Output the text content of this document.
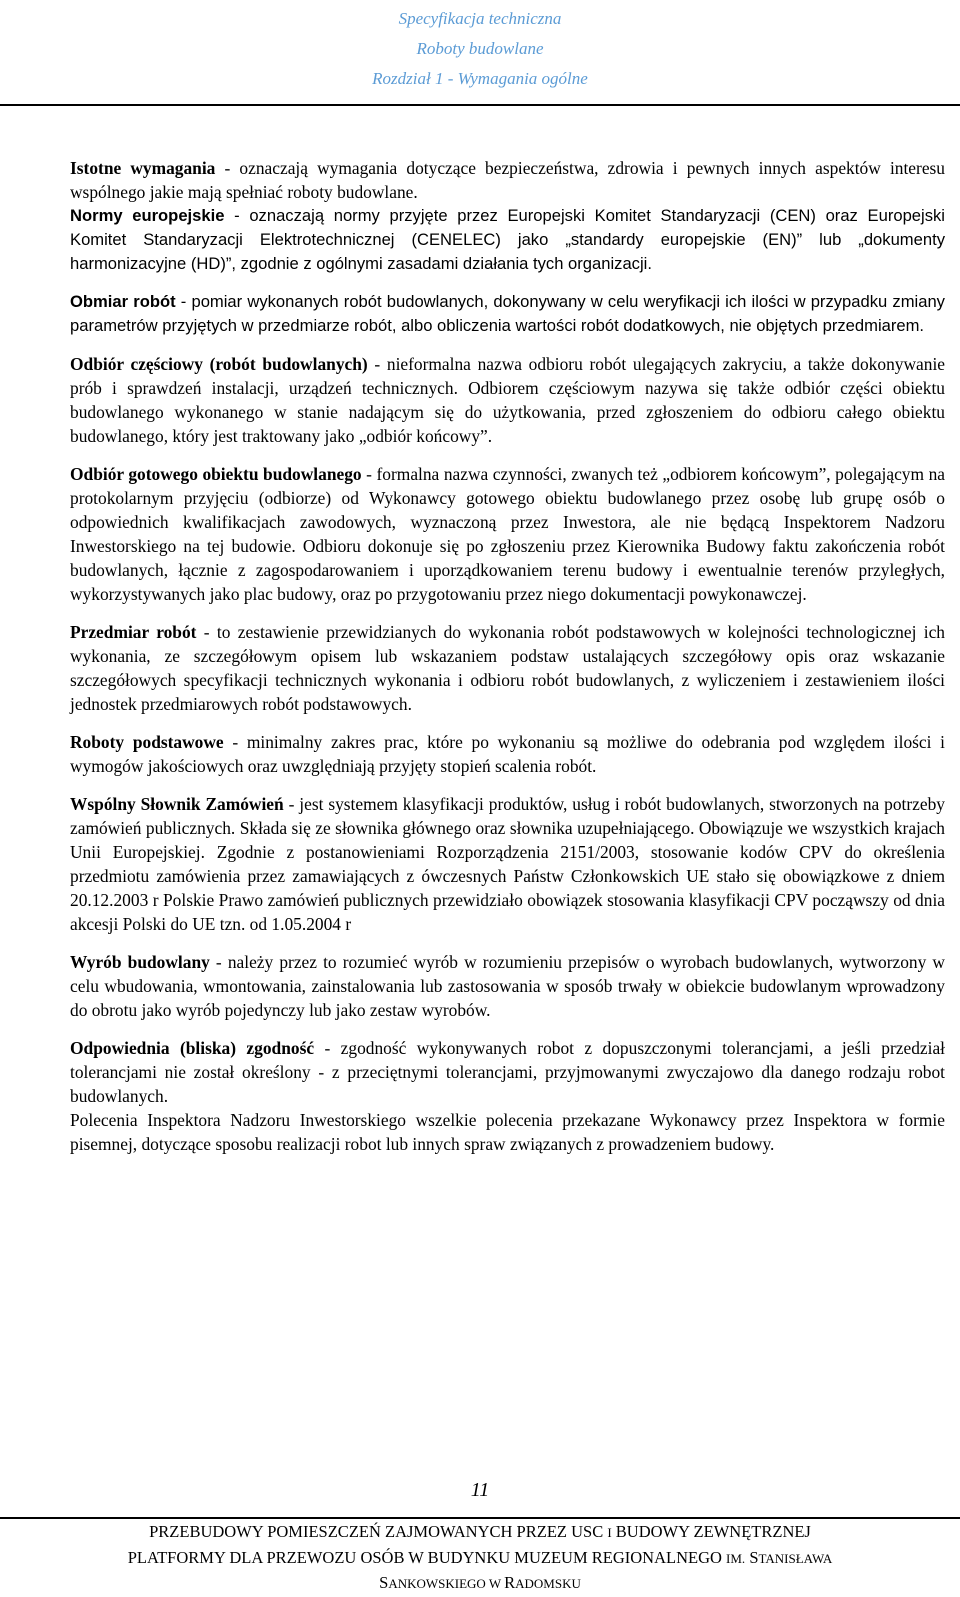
Specyfikacja techniczna
Roboty budowlane
Rozdział 1 - Wymagania ogólne

Istotne wymagania - oznaczają wymagania dotyczące bezpieczeństwa, zdrowia i pewnych innych aspektów interesu wspólnego jakie mają spełniać roboty budowlane.

Normy europejskie - oznaczają normy przyjęte przez Europejski Komitet Standaryzacji (CEN) oraz Europejski Komitet Standaryzacji Elektrotechnicznej (CENELEC) jako „standardy europejskie (EN)” lub „dokumenty harmonizacyjne (HD)”, zgodnie z ogólnymi zasadami działania tych organizacji.

Obmiar robót - pomiar wykonanych robót budowlanych, dokonywany w celu weryfikacji ich ilości w przypadku zmiany parametrów przyjętych w przedmiarze robót, albo obliczenia wartości robót dodatkowych, nie objętych przedmiarem.

Odbiór częściowy (robót budowlanych) - nieformalna nazwa odbioru robót ulegających zakryciu, a także dokonywanie prób i sprawdzeń instalacji, urządzeń technicznych. Odbiorem częściowym nazywa się także odbiór części obiektu budowlanego wykonanego w stanie nadającym się do użytkowania, przed zgłoszeniem do odbioru całego obiektu budowlanego, który jest traktowany jako „odbiór końcowy”.

Odbiór gotowego obiektu budowlanego - formalna nazwa czynności, zwanych też „odbiorem końcowym”, polegającym na protokolarnym przyjęciu (odbiorze) od Wykonawcy gotowego obiektu budowlanego przez osobę lub grupę osób o odpowiednich kwalifikacjach zawodowych, wyznaczoną przez Inwestora, ale nie będącą Inspektorem Nadzoru Inwestorskiego na tej budowie. Odbioru dokonuje się po zgłoszeniu przez Kierownika Budowy faktu zakończenia robót budowlanych, łącznie z zagospodarowaniem i uporządkowaniem terenu budowy i ewentualnie terenów przyległych, wykorzystywanych jako plac budowy, oraz po przygotowaniu przez niego dokumentacji powykonawczej.

Przedmiar robót - to zestawienie przewidzianych do wykonania robót podstawowych w kolejności technologicznej ich wykonania, ze szczegółowym opisem lub wskazaniem podstaw ustalających szczegółowy opis oraz wskazanie szczegółowych specyfikacji technicznych wykonania i odbioru robót budowlanych, z wyliczeniem i zestawieniem ilości jednostek przedmiarowych robót podstawowych.

Roboty podstawowe - minimalny zakres prac, które po wykonaniu są możliwe do odebrania pod względem ilości i wymogów jakościowych oraz uwzględniają przyjęty stopień scalenia robót.

Wspólny Słownik Zamówień - jest systemem klasyfikacji produktów, usług i robót budowlanych, stworzonych na potrzeby zamówień publicznych. Składa się ze słownika głównego oraz słownika uzupełniającego. Obowiązuje we wszystkich krajach Unii Europejskiej. Zgodnie z postanowieniami Rozporządzenia 2151/2003, stosowanie kodów CPV do określenia przedmiotu zamówienia przez zamawiających z ówczesnych Państw Członkowskich UE stało się obowiązkowe z dniem 20.12.2003 r Polskie Prawo zamówień publicznych przewidziało obowiązek stosowania klasyfikacji CPV począwszy od dnia akcesji Polski do UE tzn. od 1.05.2004 r

Wyrób budowlany - należy przez to rozumieć wyrób w rozumieniu przepisów o wyrobach budowlanych, wytworzony w celu wbudowania, wmontowania, zainstalowania lub zastosowania w sposób trwały w obiekcie budowlanym wprowadzony do obrotu jako wyrób pojedynczy lub jako zestaw wyrobów.

Odpowiednia (bliska) zgodność - zgodność wykonywanych robot z dopuszczonymi tolerancjami, a jeśli przedział tolerancjami nie został określony - z przeciętnymi tolerancjami, przyjmowanymi zwyczajowo dla danego rodzaju robot budowlanych.

Polecenia Inspektora Nadzoru Inwestorskiego wszelkie polecenia przekazane Wykonawcy przez Inspektora w formie pisemnej, dotyczące sposobu realizacji robot lub innych spraw związanych z prowadzeniem budowy.

11
PRZEBUDOWY POMIESZCZEŃ ZAJMOWANYCH PRZEZ USC I BUDOWY ZEWNĘTRZNEJ
PLATFORMY DLA PRZEWOZU OSÓB W BUDYNKU MUZEUM REGIONALNEGO IM. STANISŁAWA
SANKOWSKIEGO W RADOMSKU
